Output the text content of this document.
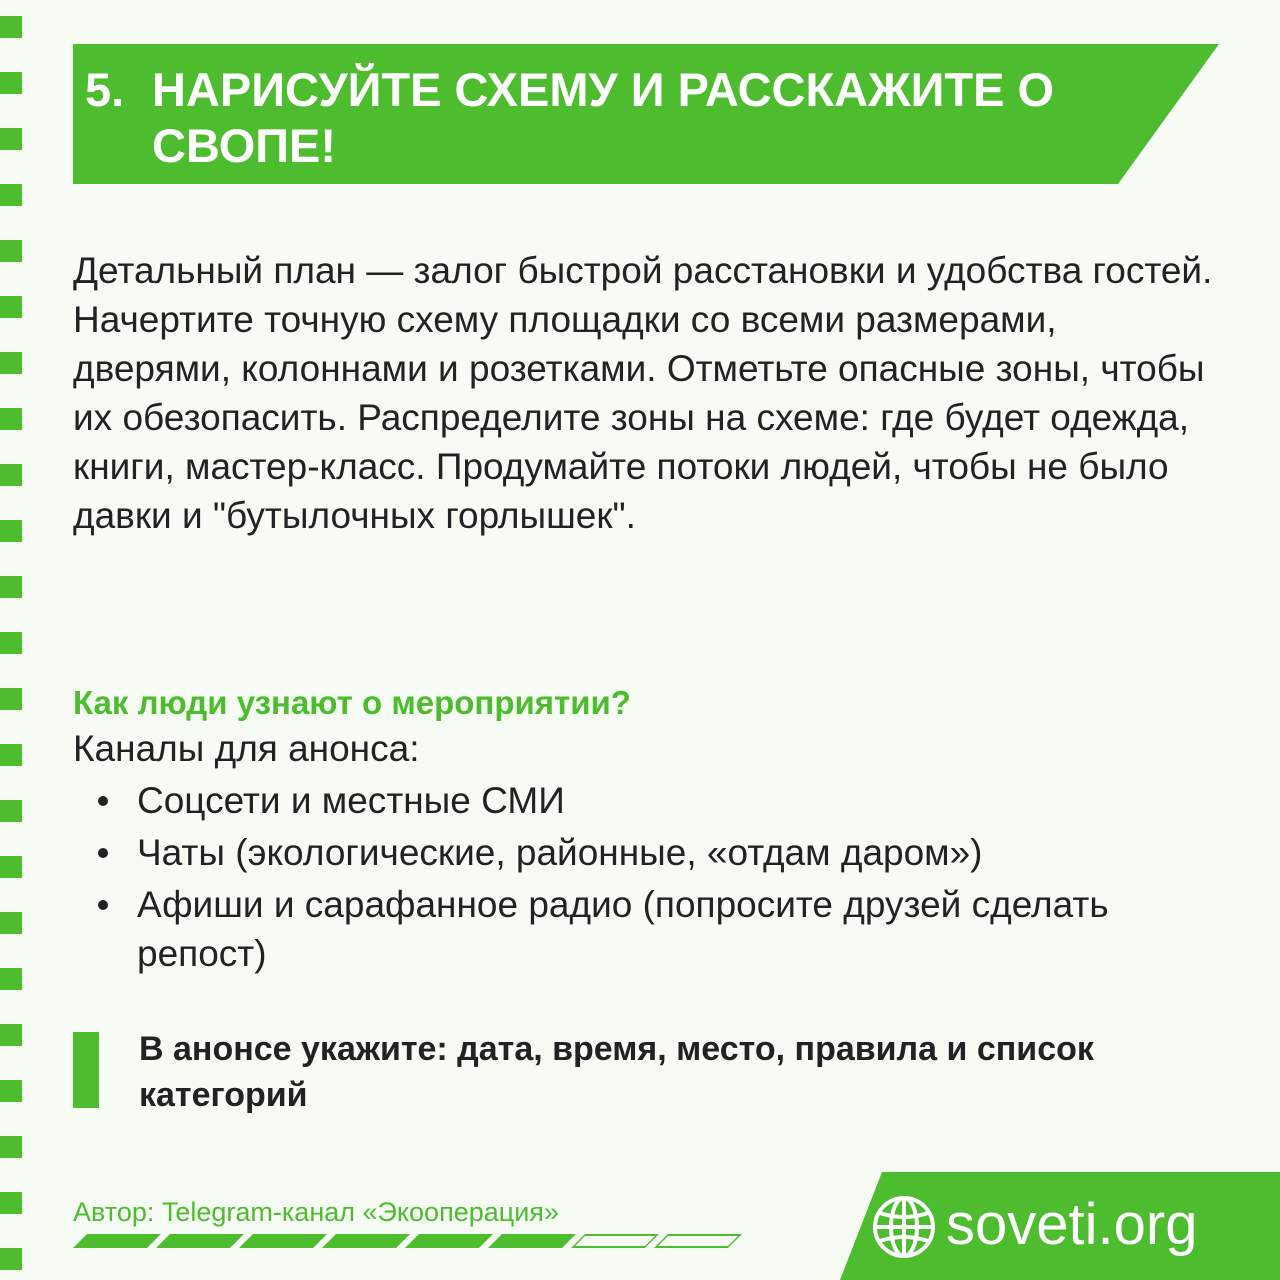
5. НАРИСУЙТЕ СХЕМУ И РАССКАЖИТЕ О СВОПЕ!
Детальный план — залог быстрой расстановки и удобства гостей. Начертите точную схему площадки со всеми размерами, дверями, колоннами и розетками. Отметьте опасные зоны, чтобы их обезопасить. Распределите зоны на схеме: где будет одежда, книги, мастер-класс. Продумайте потоки людей, чтобы не было давки и "бутылочных горлышек".
Как люди узнают о мероприятии?
Каналы для анонса:
Соцсети и местные СМИ
Чаты (экологические, районные, «отдам даром»)
Афиши и сарафанное радио (попросите друзей сделать репост)
В анонсе укажите: дата, время, место, правила и список категорий
Автор: Telegram-канал «Экооперация»	soveti.org
